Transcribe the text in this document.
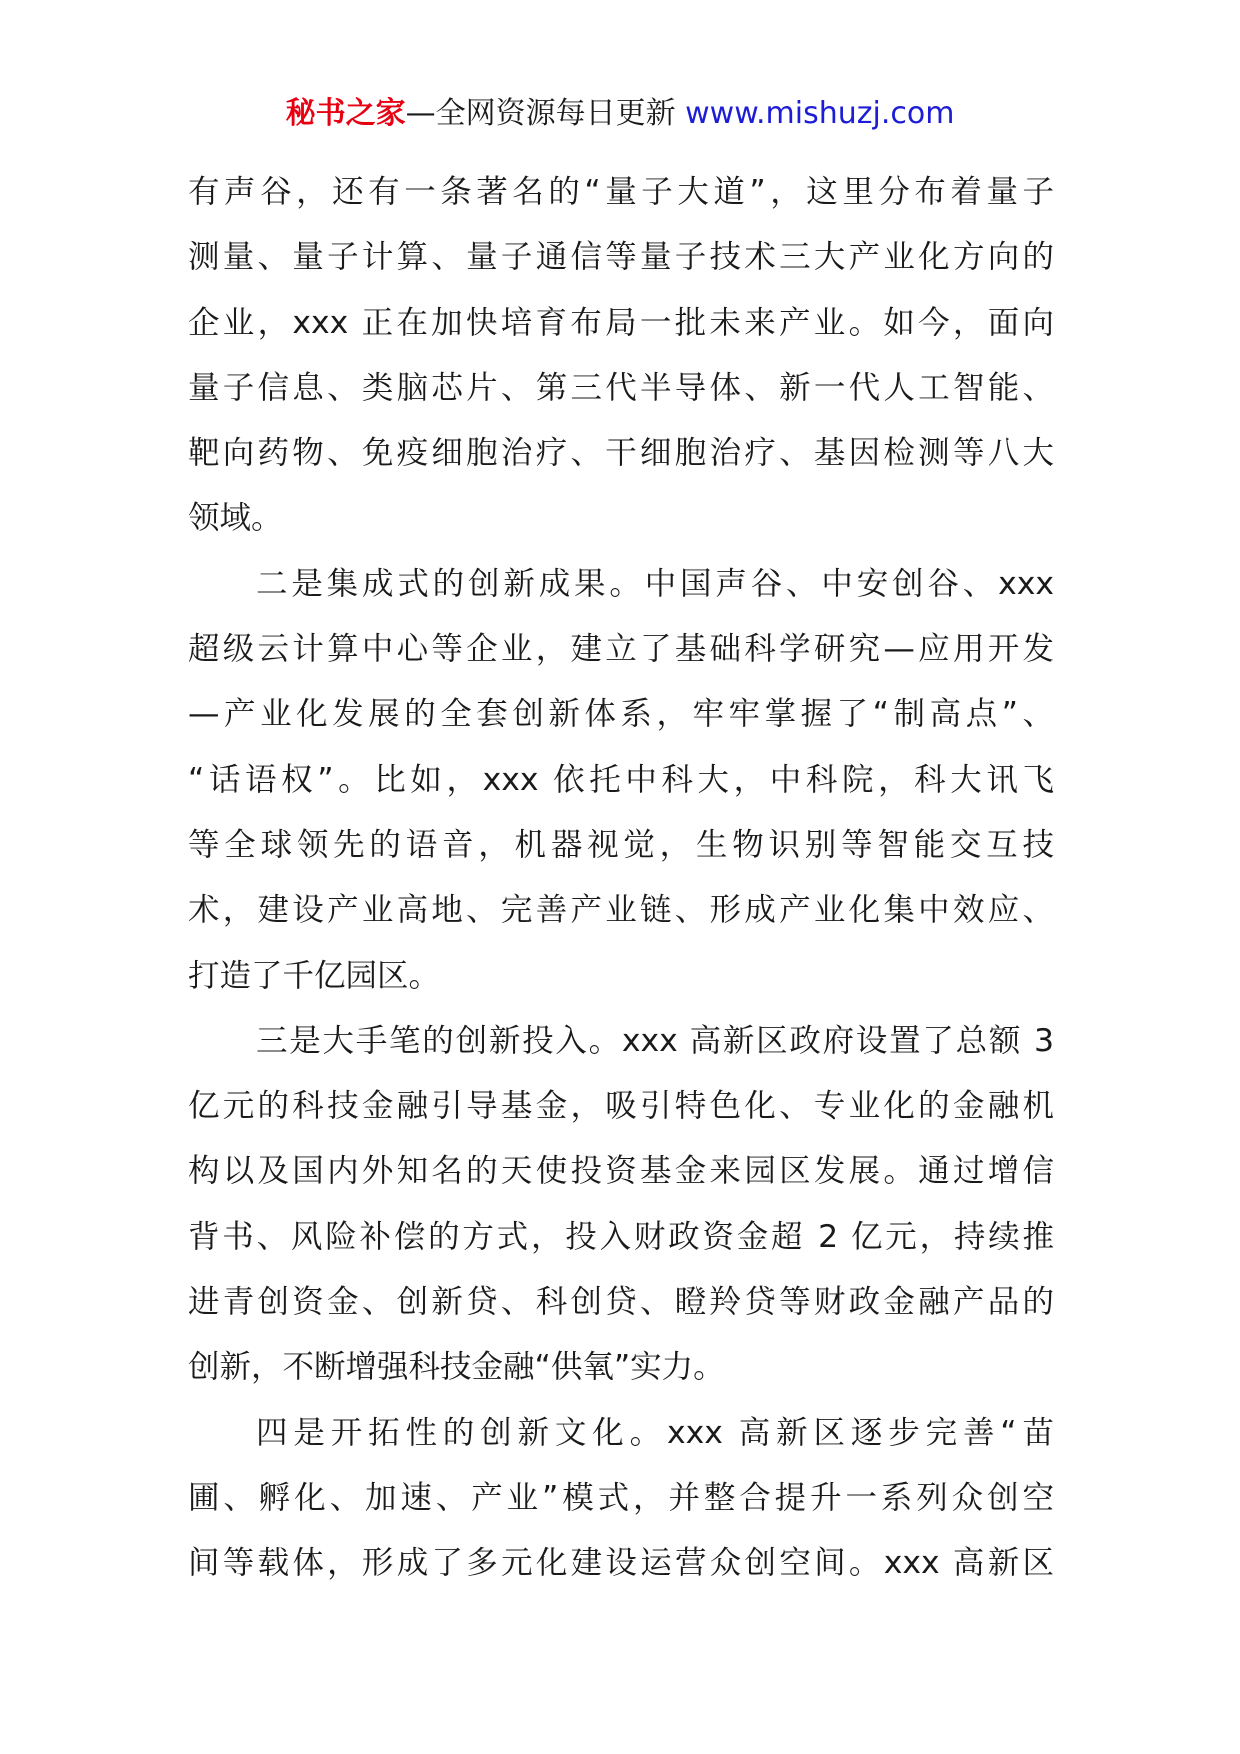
秘书之家—全网资源每日更新 www.mishuzj.com
有声谷，还有一条著名的“量子大道”，这里分布着量子
测量、量子计算、量子通信等量子技术三大产业化方向的
企业，xxx 正在加快培育布局一批未来产业。如今，面向
量子信息、类脑芯片、第三代半导体、新一代人工智能、
靶向药物、免疫细胞治疗、干细胞治疗、基因检测等八大
领域。
二是集成式的创新成果。中国声谷、中安创谷、xxx
超级云计算中心等企业，建立了基础科学研究—应用开发
—产业化发展的全套创新体系，牢牢掌握了“制高点”、
“话语权”。比如，xxx 依托中科大，中科院，科大讯飞
等全球领先的语音，机器视觉，生物识别等智能交互技
术，建设产业高地、完善产业链、形成产业化集中效应、
打造了千亿园区。
三是大手笔的创新投入。xxx 高新区政府设置了总额 3
亿元的科技金融引导基金，吸引特色化、专业化的金融机
构以及国内外知名的天使投资基金来园区发展。通过增信
背书、风险补偿的方式，投入财政资金超 2 亿元，持续推
进青创资金、创新贷、科创贷、瞪羚贷等财政金融产品的
创新，不断增强科技金融“供氧”实力。
四是开拓性的创新文化。xxx 高新区逐步完善“苗
圃、孵化、加速、产业”模式，并整合提升一系列众创空
间等载体，形成了多元化建设运营众创空间。xxx 高新区
